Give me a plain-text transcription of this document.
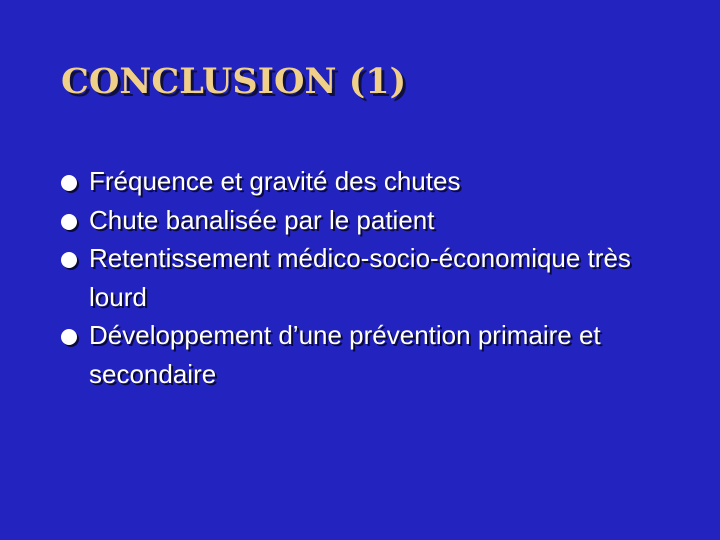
CONCLUSION (1)
Fréquence et gravité des chutes
Chute banalisée par le patient
Retentissement médico-socio-économique très lourd
Développement d’une prévention primaire et secondaire
